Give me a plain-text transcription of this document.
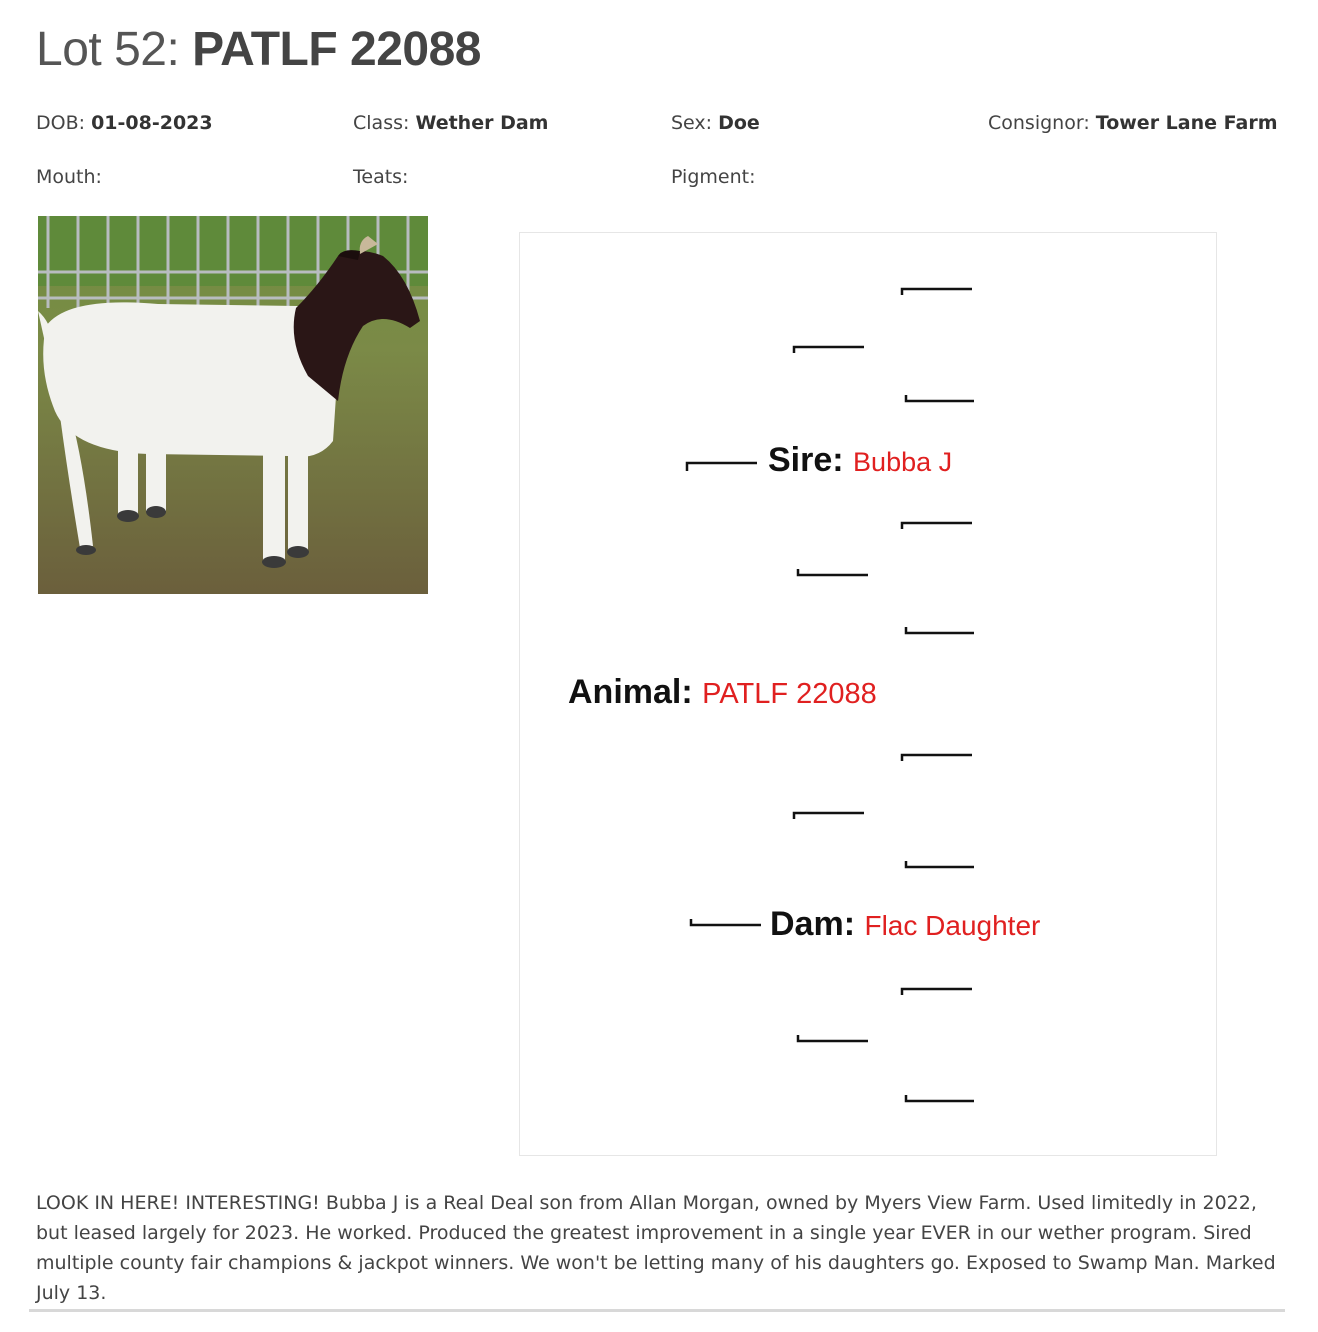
Lot 52: PATLF 22088
DOB: 01-08-2023	Class: Wether Dam	Sex: Doe	Consignor: Tower Lane Farm
Mouth:	Teats:	Pigment:
Sire: Bubba J
Animal: PATLF 22088
Dam: Flac Daughter

LOOK IN HERE! INTERESTING! Bubba J is a Real Deal son from Allan Morgan, owned by Myers View Farm. Used limitedly in 2022, but leased largely for 2023. He worked. Produced the greatest improvement in a single year EVER in our wether program. Sired multiple county fair champions & jackpot winners. We won't be letting many of his daughters go. Exposed to Swamp Man. Marked July 13.
